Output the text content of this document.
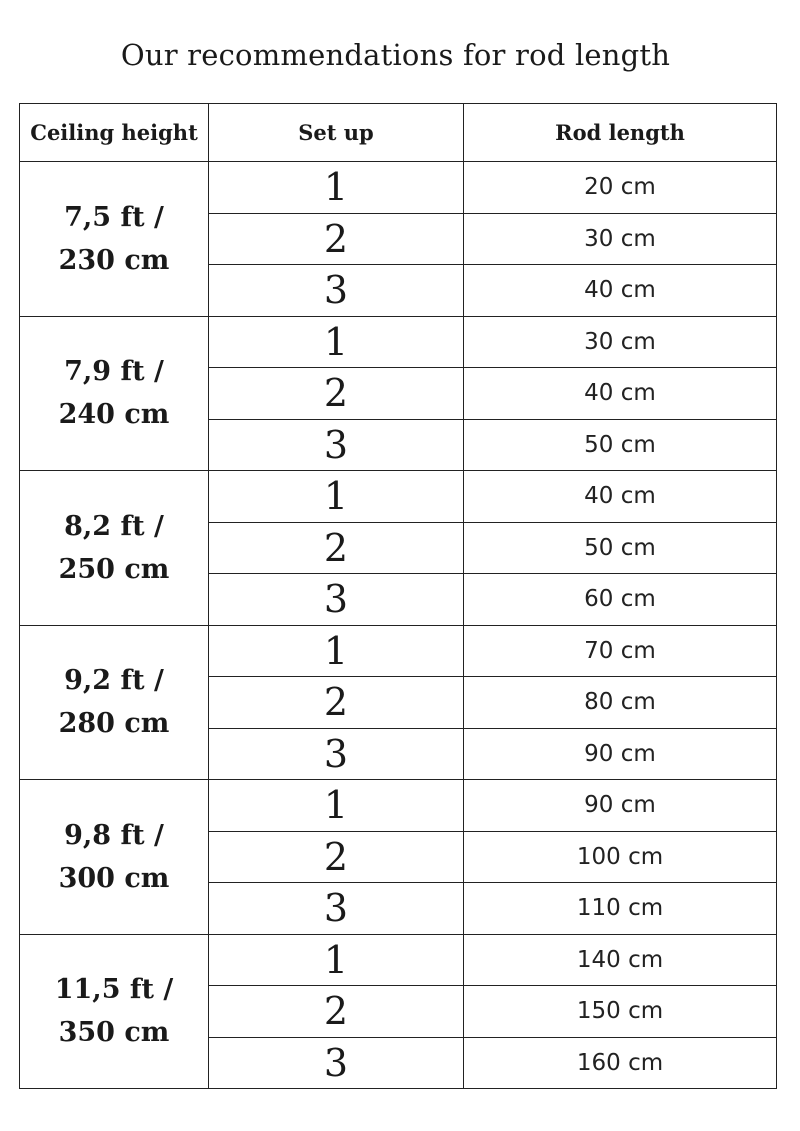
Our recommendations for rod length
Ceiling height	Set up	Rod length

7,5 ft /
230 cm	1	20 cm
	2	30 cm
	3	40 cm

7,9 ft /
240 cm	1	30 cm
	2	40 cm
	3	50 cm

8,2 ft /
250 cm	1	40 cm
	2	50 cm
	3	60 cm

9,2 ft /
280 cm	1	70 cm
	2	80 cm
	3	90 cm

9,8 ft /
300 cm	1	90 cm
	2	100 cm
	3	110 cm

11,5 ft /
350 cm	1	140 cm
	2	150 cm
	3	160 cm
